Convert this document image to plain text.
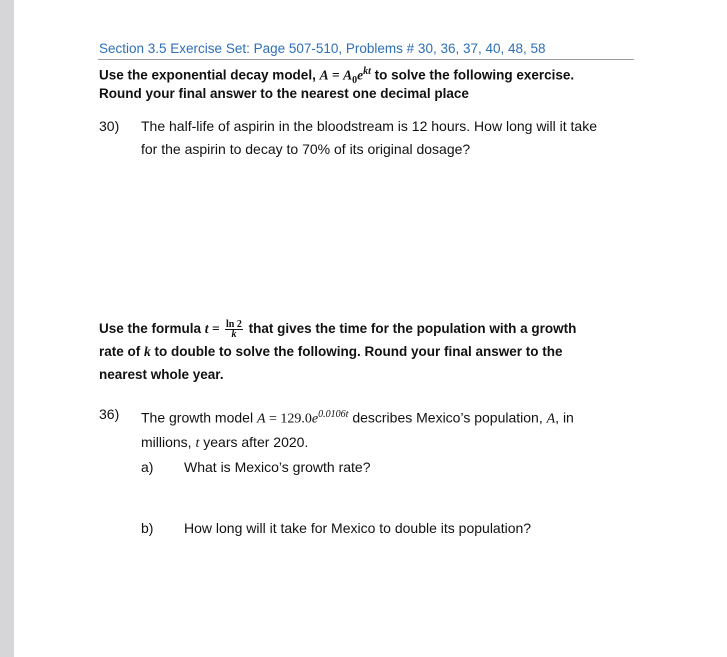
Section 3.5 Exercise Set: Page 507-510, Problems # 30, 36, 37, 40, 48, 58
Use the exponential decay model, $A = A_0e^{kt}$ to solve the following exercise.
Round your final answer to the nearest one decimal place
30) The half-life of aspirin in the bloodstream is 12 hours. How long will it take
for the aspirin to decay to 70% of its original dosage?
Use the formula $t = \frac{\ln 2}{k}$ that gives the time for the population with a growth
rate of k to double to solve the following. Round your final answer to the
nearest whole year.
36) The growth model $A = 129.0e^{0.0106t}$ describes Mexico’s population, A, in
millions, t years after 2020.
a) What is Mexico’s growth rate?
b) How long will it take for Mexico to double its population?
